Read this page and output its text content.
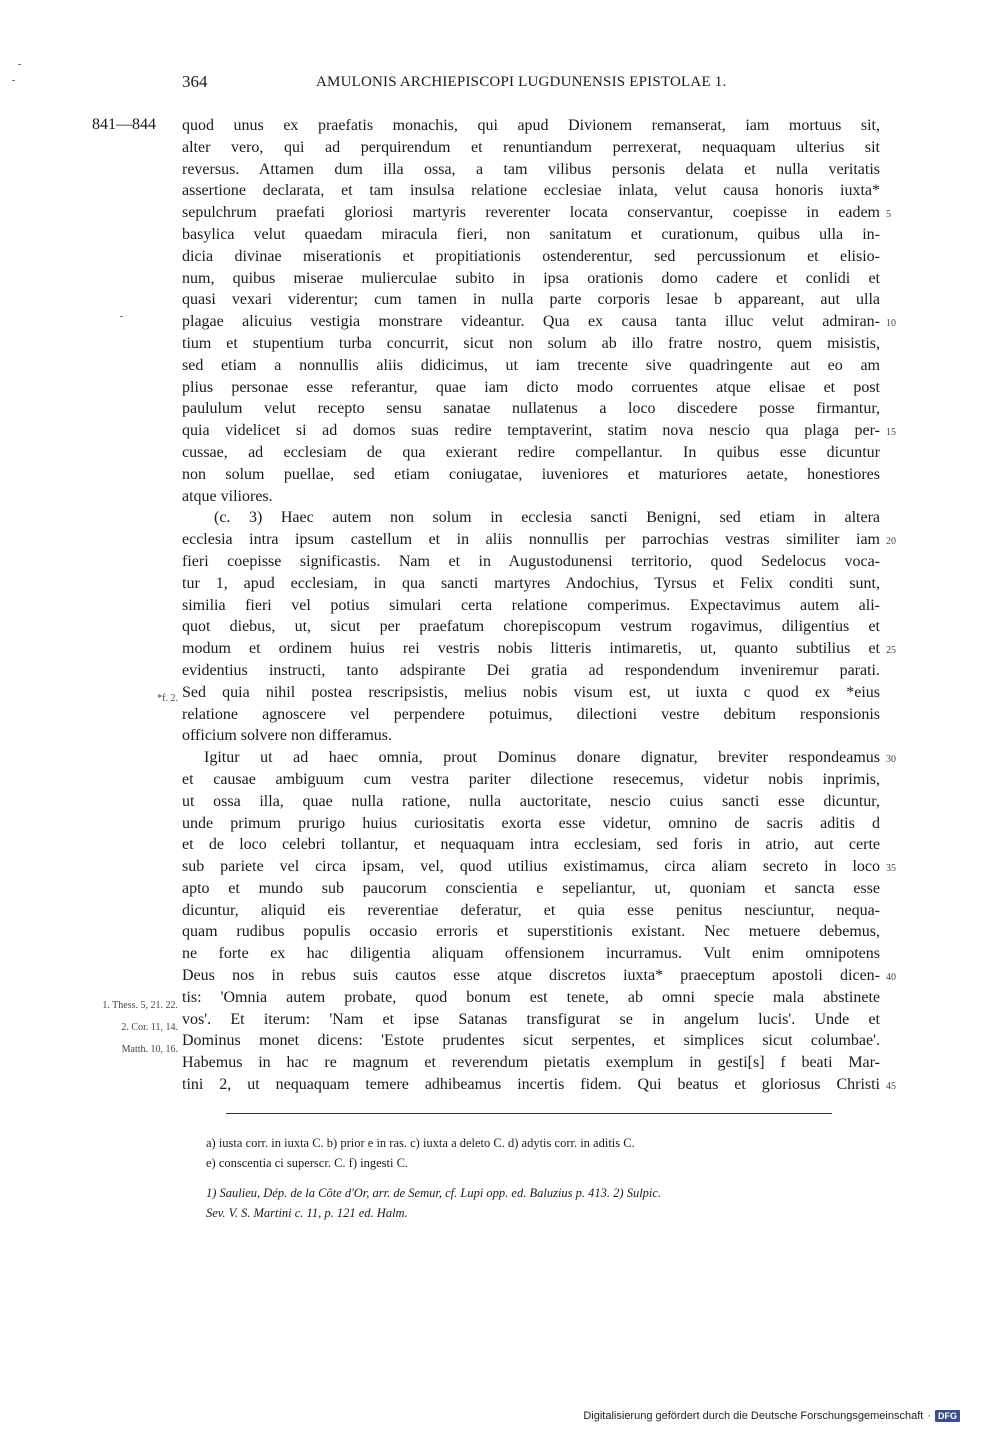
364	AMULONIS ARCHIEPISCOPI LUGDUNENSIS EPISTOLAE 1.
841—844 quod unus ex praefatis monachis, qui apud Divionem remanserat, iam mortuus sit,
alter vero, qui ad perquirendum et renuntiandum perrexerat, nequaquam ulterius sit
reversus. Attamen dum illa ossa, a tam vilibus personis delata et nulla veritatis
assertione declarata, et tam insulsa relatione ecclesiae inlata, velut causa honoris iuxta*
sepulchrum praefati gloriosi martyris reverenter locata conservantur, coepisse in eadem
basylica velut quaedam miracula fieri, non sanitatum et curationum, quibus ulla in-
dicia divinae miserationis et propitiationis ostenderentur, sed percussionum et elisio-
num, quibus miserae mulierculae subito in ipsa orationis domo cadere et conlidi et
quasi vexari viderentur; cum tamen in nulla parte corporis lesae b appareant, aut ulla
plagae alicuius vestigia monstrare videantur. Qua ex causa tanta illuc velut admiran-
tium et stupentium turba concurrit, sicut non solum ab illo fratre nostro, quem misistis,
sed etiam a nonnullis aliis didicimus, ut iam trecente sive quadringente aut eo am
plius personae esse referantur, quae iam dicto modo corruentes atque elisae et post
paululum velut recepto sensu sanatae nullatenus a loco discedere posse firmantur,
quia videlicet si ad domos suas redire temptaverint, statim nova nescio qua plaga per-
cussae, ad ecclesiam de qua exierant redire compellantur. In quibus esse dicuntur
non solum puellae, sed etiam coniugatae, iuveniores et maturiores aetate, honestiores
atque viliores.
(c. 3) Haec autem non solum in ecclesia sancti Benigni, sed etiam in altera
ecclesia intra ipsum castellum et in aliis nonnullis per parrochias vestras similiter iam
fieri coepisse significastis. Nam et in Augustodunensi territorio, quod Sedelocus voca-
tur 1, apud ecclesiam, in qua sancti martyres Andochius, Tyrsus et Felix conditi sunt,
similia fieri vel potius simulari certa relatione comperimus. Expectavimus autem ali-
quot diebus, ut, sicut per praefatum chorepiscopum vestrum rogavimus, diligentius et
modum et ordinem huius rei vestris nobis litteris intimaretis, ut, quanto subtilius et
evidentius instructi, tanto adspirante Dei gratia ad respondendum inveniremur parati.
Sed quia nihil postea rescripsistis, melius nobis visum est, ut iuxta c quod ex *eius
relatione agnoscere vel perpendere potuimus, dilectioni vestre debitum responsionis
officium solvere non differamus.
Igitur ut ad haec omnia, prout Dominus donare dignatur, breviter respondeamus
et causae ambiguum cum vestra pariter dilectione resecemus, videtur nobis inprimis,
ut ossa illa, quae nulla ratione, nulla auctoritate, nescio cuius sancti esse dicuntur,
unde primum prurigo huius curiositatis exorta esse videtur, omnino de sacris aditis d
et de loco celebri tollantur, et nequaquam intra ecclesiam, sed foris in atrio, aut certe
sub pariete vel circa ipsam, vel, quod utilius existimamus, circa aliam secreto in loco
apto et mundo sub paucorum conscientia e sepeliantur, ut, quoniam et sancta esse
dicuntur, aliquid eis reverentiae deferatur, et quia esse penitus nesciuntur, nequa-
quam rudibus populis occasio erroris et superstitionis existant. Nec metuere debemus,
ne forte ex hac diligentia aliquam offensionem incurramus. Vult enim omnipotens
Deus nos in rebus suis cautos esse atque discretos iuxta* praeceptum apostoli dicen-
tis: 'Omnia autem probate, quod bonum est tenete, ab omni specie mala abstinete
vos'. Et iterum: 'Nam et ipse Satanas transfigurat se in angelum lucis'. Unde et
Dominus monet dicens: 'Estote prudentes sicut serpentes, et simplices sicut columbae'.
Habemus in hac re magnum et reverendum pietatis exemplum in gesti[s] f beati Mar-
tini 2, ut nequaquam temere adhibeamus incertis fidem. Qui beatus et gloriosus Christi
5
10
15
20
25
30
35
40
45
*f. 2.
1. Thess. 5, 21. 22.
2. Cor. 11, 14.
Matth. 10, 16.
a) iusta corr. in iuxta C. b) prior e in ras. c) iuxta a deleto C. d) adytis corr. in aditis C.
e) conscentia ci superscr. C. f) ingesti C.
1) Saulieu, Dép. de la Côte d'Or, arr. de Semur, cf. Lupi opp. ed. Baluzius p. 413. 2) Sulpic.
Sev. V. S. Martini c. 11, p. 121 ed. Halm.
Digitalisierung gefördert durch die Deutsche Forschungsgemeinschaft · DFG
